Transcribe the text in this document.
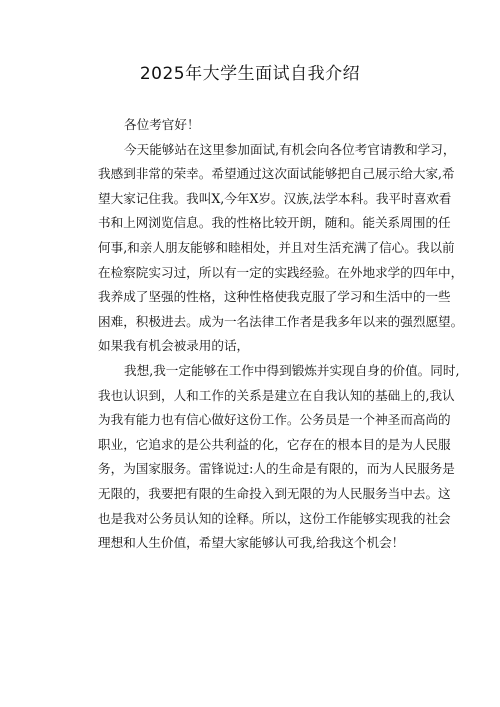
2025年大学生面试自我介绍
各位考官好！
今天能够站在这里参加面试,有机会向各位考官请教和学习，
我感到非常的荣幸。希望通过这次面试能够把自己展示给大家,希
望大家记住我。我叫X,今年X岁。汉族,法学本科。我平时喜欢看
书和上网浏览信息。我的性格比较开朗，随和。能关系周围的任
何事,和亲人朋友能够和睦相处，并且对生活充满了信心。我以前
在检察院实习过，所以有一定的实践经验。在外地求学的四年中，
我养成了坚强的性格，这种性格使我克服了学习和生活中的一些
困难，积极进去。成为一名法律工作者是我多年以来的强烈愿望。
如果我有机会被录用的话，
我想,我一定能够在工作中得到锻炼并实现自身的价值。同时,
我也认识到，人和工作的关系是建立在自我认知的基础上的,我认
为我有能力也有信心做好这份工作。公务员是一个神圣而高尚的
职业，它追求的是公共利益的化，它存在的根本目的是为人民服
务，为国家服务。雷锋说过:人的生命是有限的，而为人民服务是
无限的，我要把有限的生命投入到无限的为人民服务当中去。这
也是我对公务员认知的诠释。所以，这份工作能够实现我的社会
理想和人生价值，希望大家能够认可我,给我这个机会！
